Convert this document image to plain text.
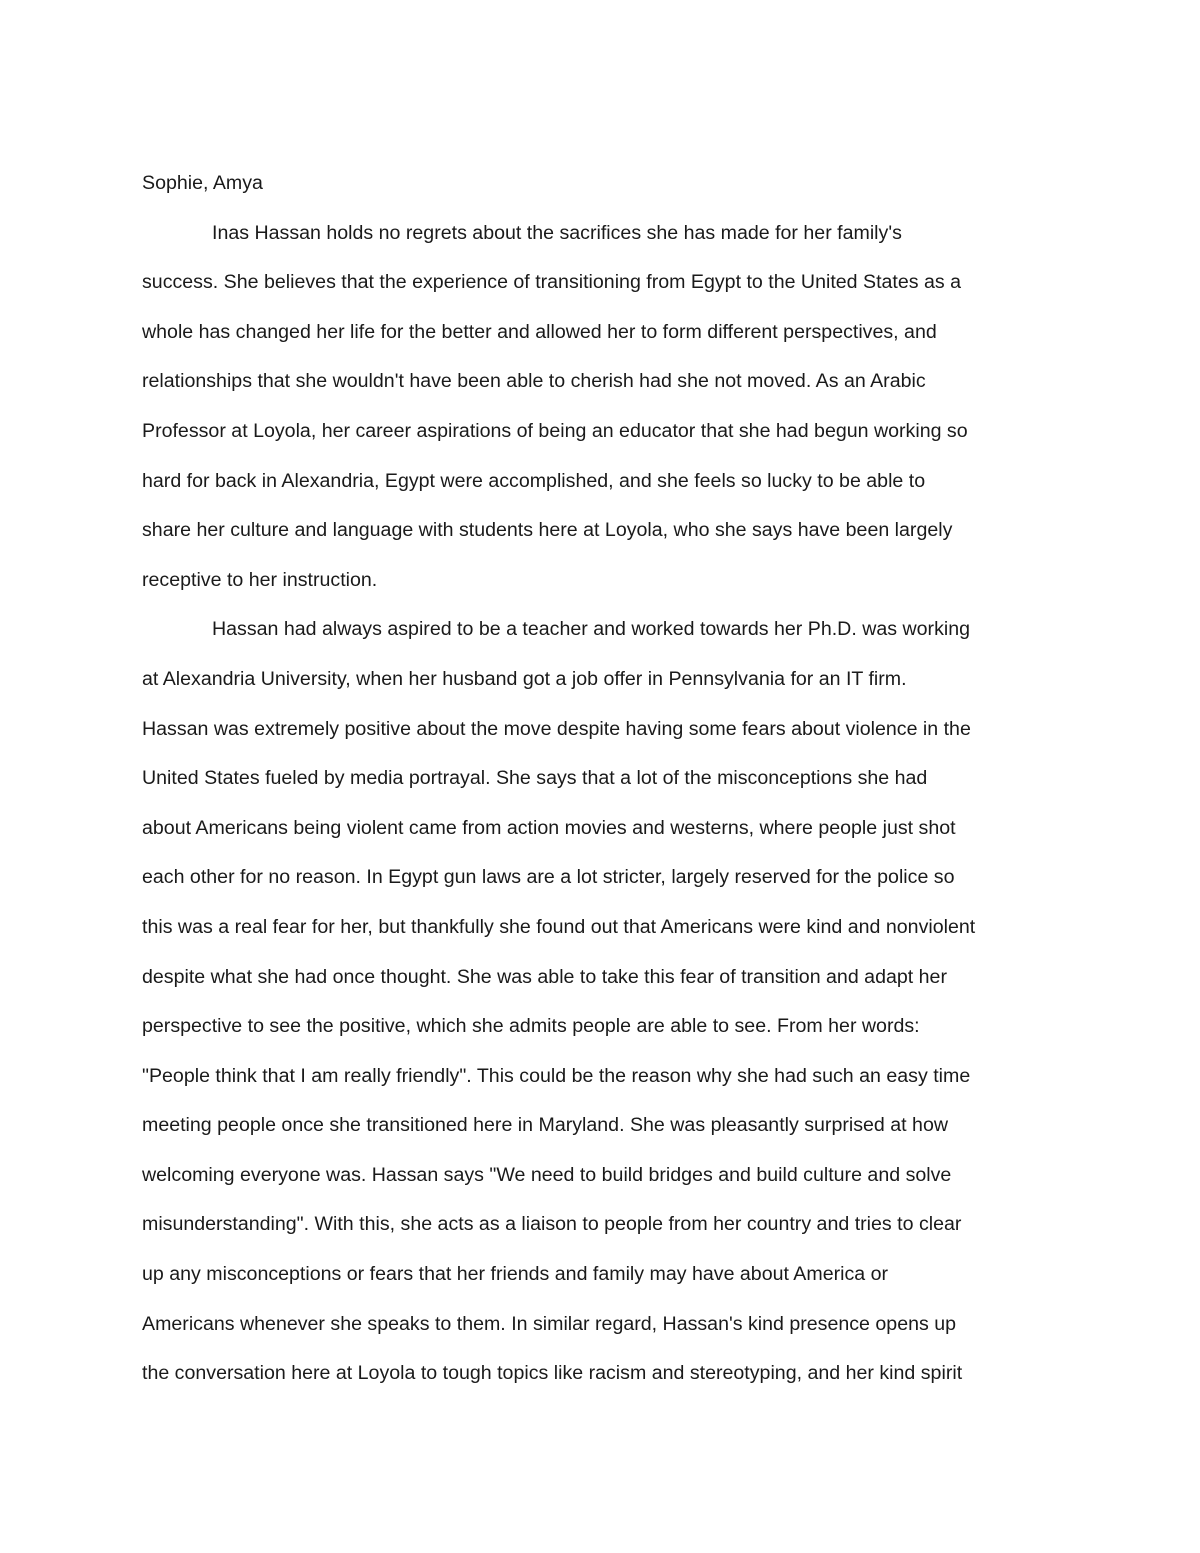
Sophie, Amya
Inas Hassan holds no regrets about the sacrifices she has made for her family's
success. She believes that the experience of transitioning from Egypt to the United States as a
whole has changed her life for the better and allowed her to form different perspectives, and
relationships that she wouldn't have been able to cherish had she not moved. As an Arabic
Professor at Loyola, her career aspirations of being an educator that she had begun working so
hard for back in Alexandria, Egypt were accomplished, and she feels so lucky to be able to
share her culture and language with students here at Loyola, who she says have been largely
receptive to her instruction.
Hassan had always aspired to be a teacher and worked towards her Ph.D. was working
at Alexandria University, when her husband got a job offer in Pennsylvania for an IT firm.
Hassan was extremely positive about the move despite having some fears about violence in the
United States fueled by media portrayal. She says that a lot of the misconceptions she had
about Americans being violent came from action movies and westerns, where people just shot
each other for no reason. In Egypt gun laws are a lot stricter, largely reserved for the police so
this was a real fear for her, but thankfully she found out that Americans were kind and nonviolent
despite what she had once thought. She was able to take this fear of transition and adapt her
perspective to see the positive, which she admits people are able to see. From her words:
"People think that I am really friendly". This could be the reason why she had such an easy time
meeting people once she transitioned here in Maryland. She was pleasantly surprised at how
welcoming everyone was. Hassan says "We need to build bridges and build culture and solve
misunderstanding". With this, she acts as a liaison to people from her country and tries to clear
up any misconceptions or fears that her friends and family may have about America or
Americans whenever she speaks to them. In similar regard, Hassan's kind presence opens up
the conversation here at Loyola to tough topics like racism and stereotyping, and her kind spirit
